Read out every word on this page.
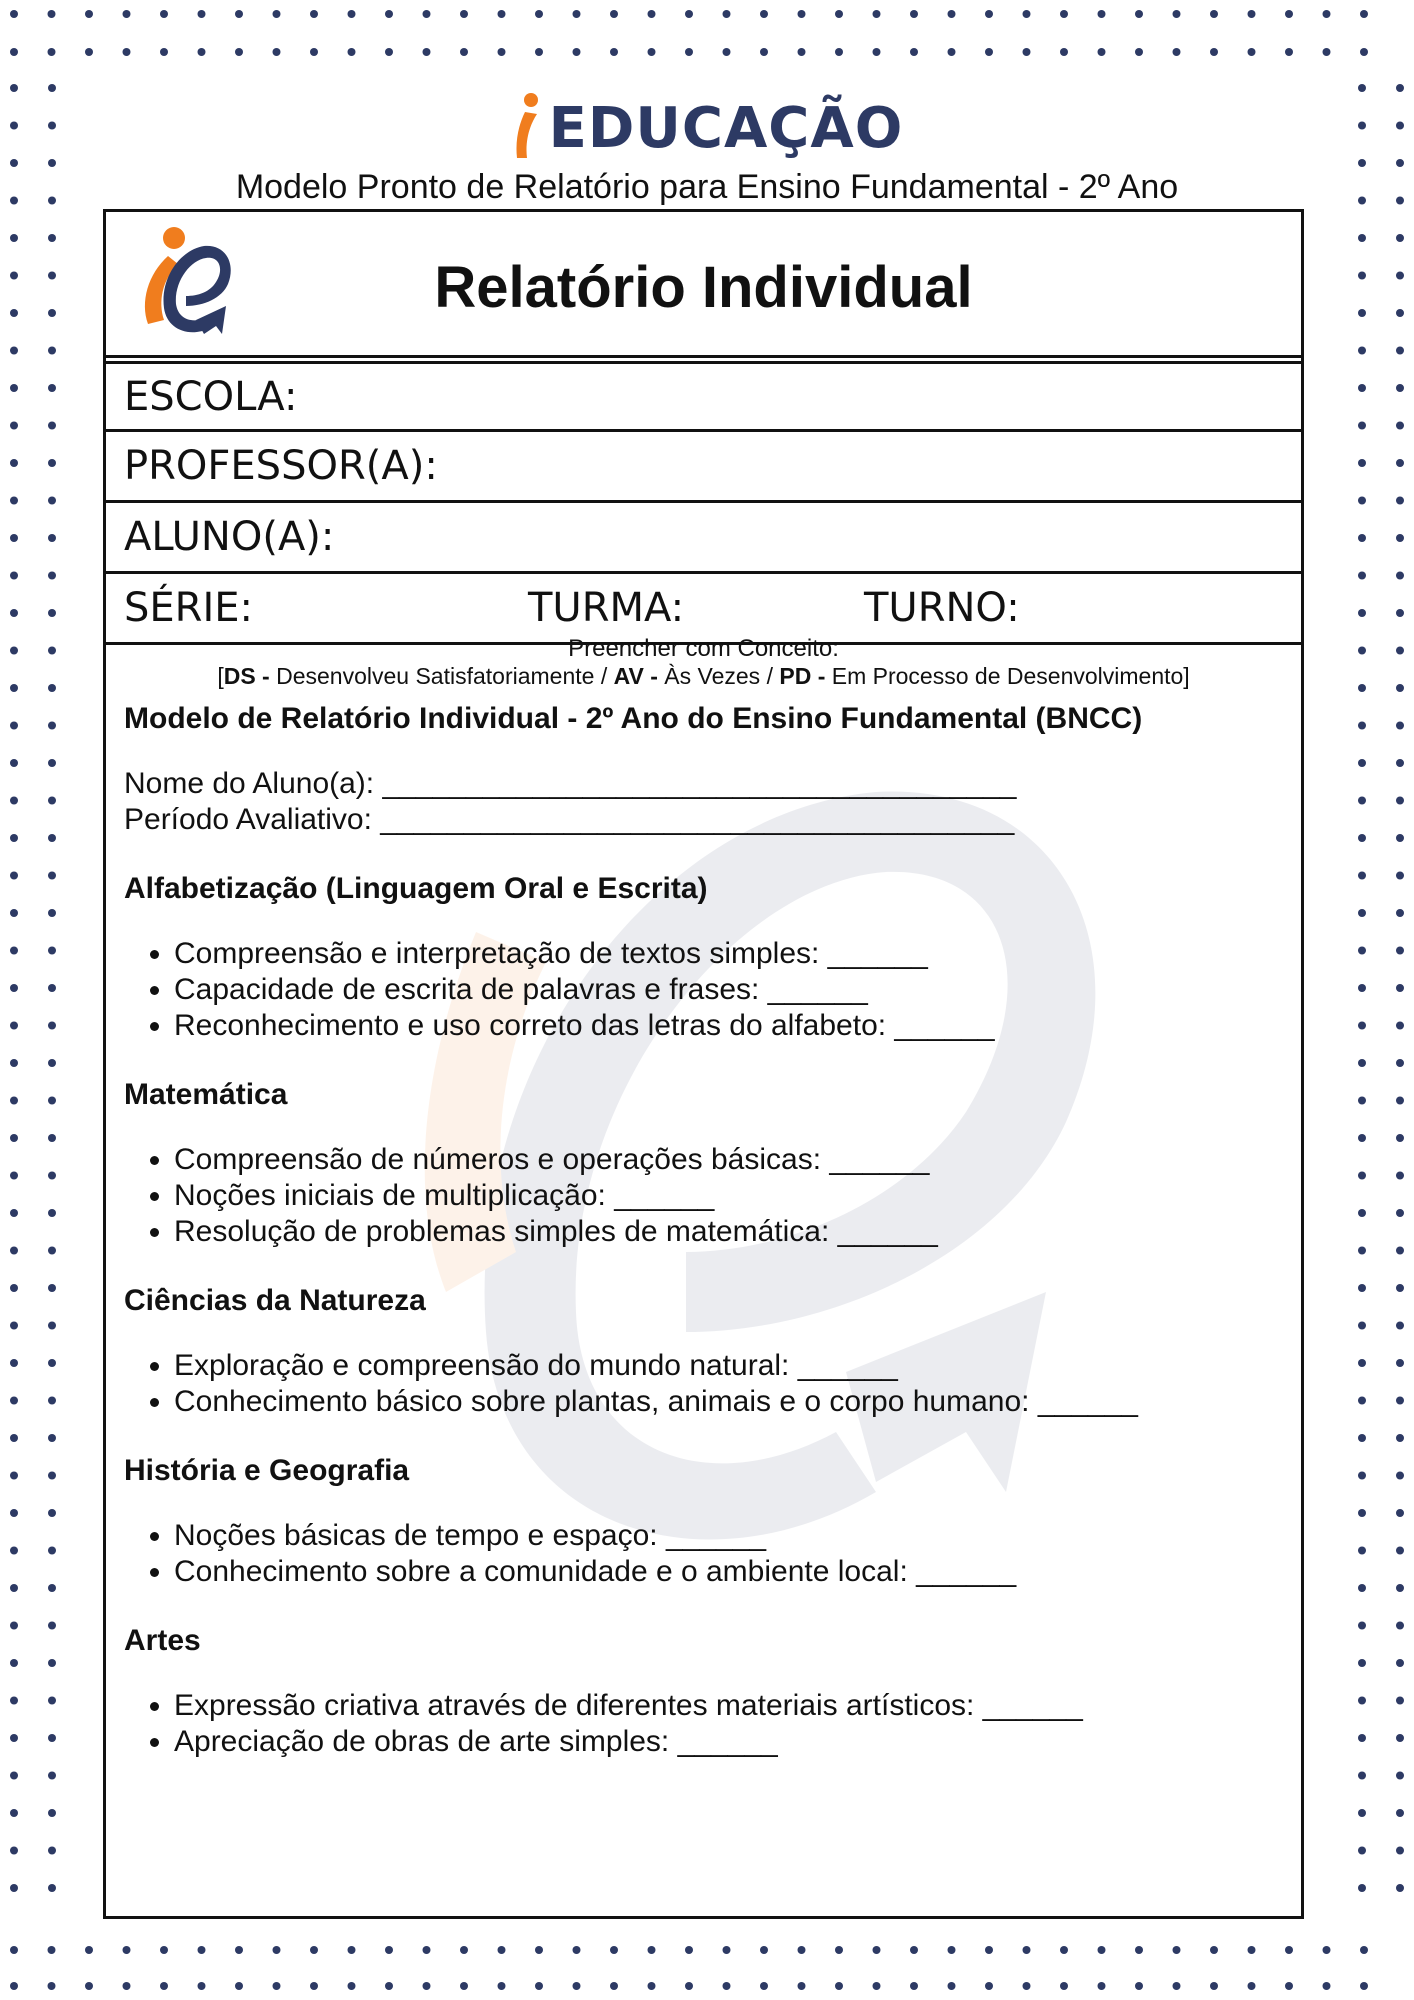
EDUCAÇÃO

Modelo Pronto de Relatório para Ensino Fundamental - 2º Ano

Relatório Individual
ESCOLA:
PROFESSOR(A):
ALUNO(A):
SÉRIE:	TURMA:	TURNO:

Preencher com Conceito:

[DS - Desenvolveu Satisfatoriamente / AV - Às Vezes / PD - Em Processo de Desenvolvimento]

Modelo de Relatório Individual - 2º Ano do Ensino Fundamental (BNCC)

Nome do Aluno(a): ______________________________________
Período Avaliativo: ______________________________________

Alfabetização (Linguagem Oral e Escrita)

• Compreensão e interpretação de textos simples: ______
• Capacidade de escrita de palavras e frases: ______
• Reconhecimento e uso correto das letras do alfabeto: ______

Matemática

• Compreensão de números e operações básicas: ______
• Noções iniciais de multiplicação: ______
• Resolução de problemas simples de matemática: ______

Ciências da Natureza

• Exploração e compreensão do mundo natural: ______
• Conhecimento básico sobre plantas, animais e o corpo humano: ______

História e Geografia

• Noções básicas de tempo e espaço: ______
• Conhecimento sobre a comunidade e o ambiente local: ______

Artes

• Expressão criativa através de diferentes materiais artísticos: ______
• Apreciação de obras de arte simples: ______
